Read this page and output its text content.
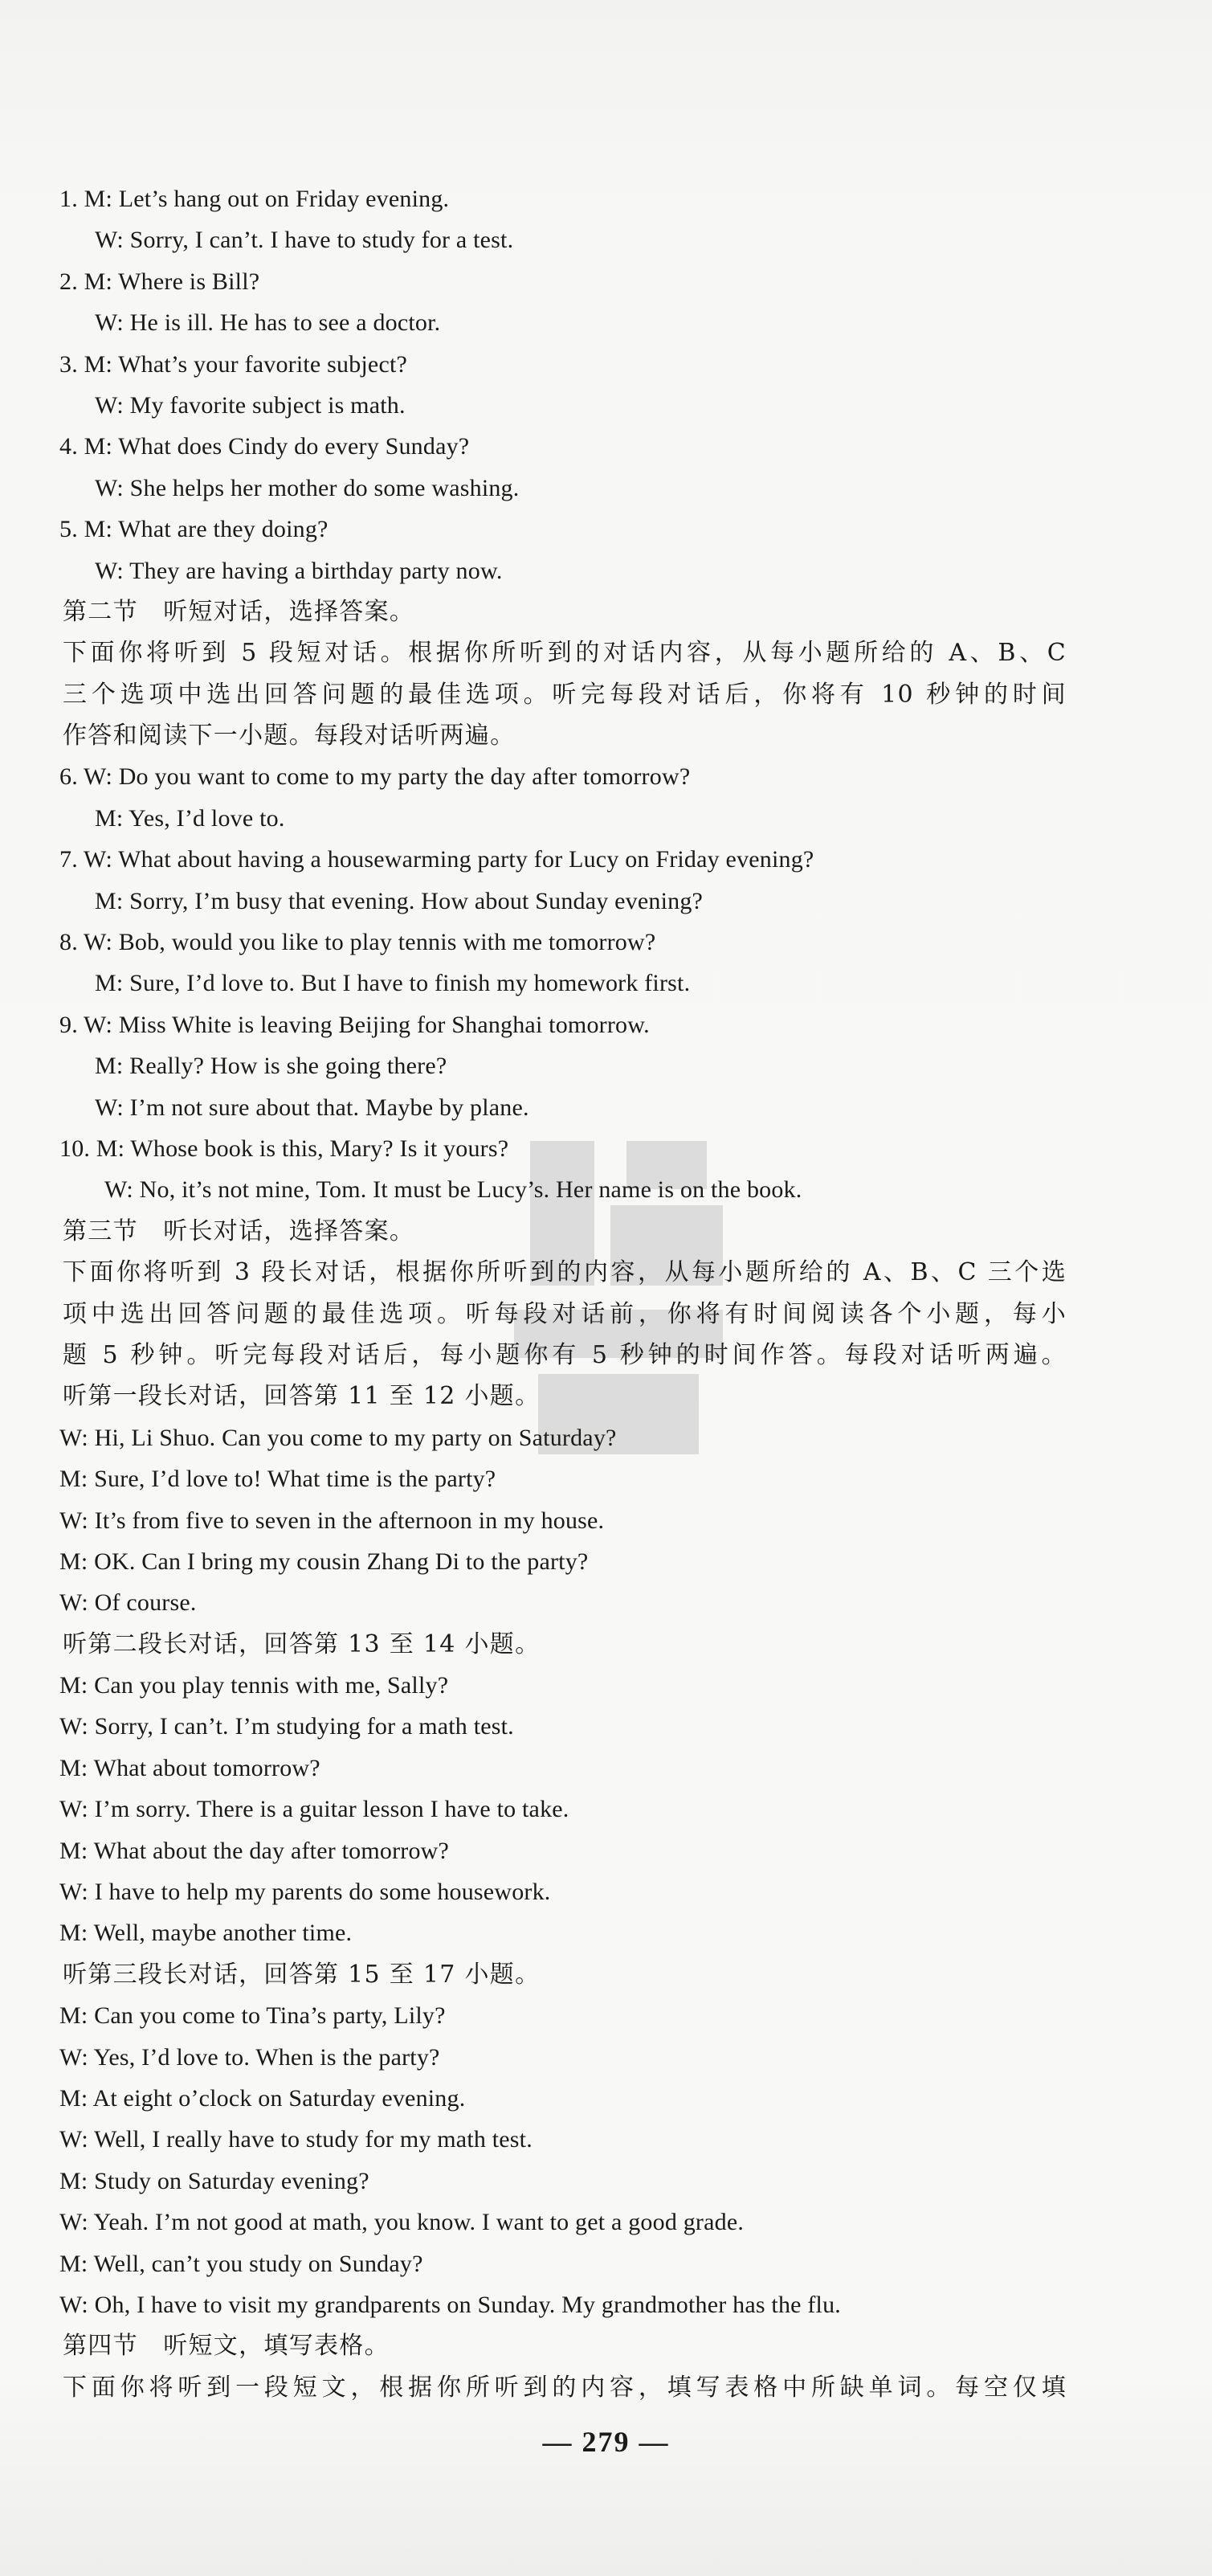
1. M: Let’s hang out on Friday evening.
W: Sorry, I can’t. I have to study for a test.
2. M: Where is Bill?
W: He is ill. He has to see a doctor.
3. M: What’s your favorite subject?
W: My favorite subject is math.
4. M: What does Cindy do every Sunday?
W: She helps her mother do some washing.
5. M: What are they doing?
W: They are having a birthday party now.
第二节　听短对话，选择答案。
下面你将听到 5 段短对话。根据你所听到的对话内容，从每小题所给的 A、B、C
三个选项中选出回答问题的最佳选项。听完每段对话后，你将有 10 秒钟的时间
作答和阅读下一小题。每段对话听两遍。
6. W: Do you want to come to my party the day after tomorrow?
M: Yes, I’d love to.
7. W: What about having a housewarming party for Lucy on Friday evening?
M: Sorry, I’m busy that evening. How about Sunday evening?
8. W: Bob, would you like to play tennis with me tomorrow?
M: Sure, I’d love to. But I have to finish my homework first.
9. W: Miss White is leaving Beijing for Shanghai tomorrow.
M: Really? How is she going there?
W: I’m not sure about that. Maybe by plane.
10. M: Whose book is this, Mary? Is it yours?
W: No, it’s not mine, Tom. It must be Lucy’s. Her name is on the book.
第三节　听长对话，选择答案。
下面你将听到 3 段长对话，根据你所听到的内容，从每小题所给的 A、B、C 三个选
项中选出回答问题的最佳选项。听每段对话前，你将有时间阅读各个小题，每小
题 5 秒钟。听完每段对话后，每小题你有 5 秒钟的时间作答。每段对话听两遍。
听第一段长对话，回答第 11 至 12 小题。
W: Hi, Li Shuo. Can you come to my party on Saturday?
M: Sure, I’d love to! What time is the party?
W: It’s from five to seven in the afternoon in my house.
M: OK. Can I bring my cousin Zhang Di to the party?
W: Of course.
听第二段长对话，回答第 13 至 14 小题。
M: Can you play tennis with me, Sally?
W: Sorry, I can’t. I’m studying for a math test.
M: What about tomorrow?
W: I’m sorry. There is a guitar lesson I have to take.
M: What about the day after tomorrow?
W: I have to help my parents do some housework.
M: Well, maybe another time.
听第三段长对话，回答第 15 至 17 小题。
M: Can you come to Tina’s party, Lily?
W: Yes, I’d love to. When is the party?
M: At eight o’clock on Saturday evening.
W: Well, I really have to study for my math test.
M: Study on Saturday evening?
W: Yeah. I’m not good at math, you know. I want to get a good grade.
M: Well, can’t you study on Sunday?
W: Oh, I have to visit my grandparents on Sunday. My grandmother has the flu.
第四节　听短文，填写表格。
下面你将听到一段短文，根据你所听到的内容，填写表格中所缺单词。每空仅填
— 279 —
